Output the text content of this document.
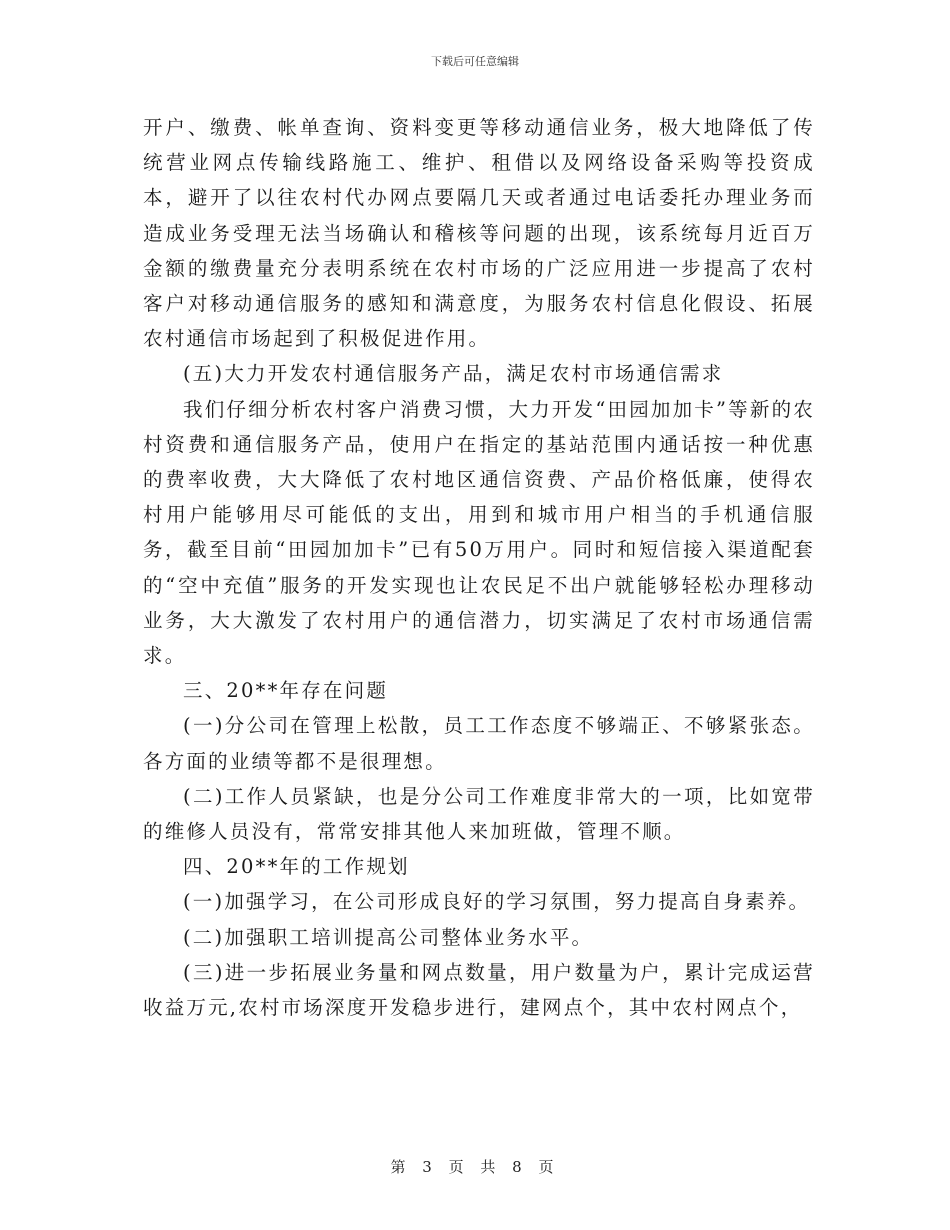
下载后可任意编辑

开户、缴费、帐单查询、资料变更等移动通信业务，极大地降低了传统营业网点传输线路施工、维护、租借以及网络设备采购等投资成本，避开了以往农村代办网点要隔几天或者通过电话委托办理业务而造成业务受理无法当场确认和稽核等问题的出现，该系统每月近百万金额的缴费量充分表明系统在农村市场的广泛应用进一步提高了农村客户对移动通信服务的感知和满意度，为服务农村信息化假设、拓展农村通信市场起到了积极促进作用。

(五)大力开发农村通信服务产品，满足农村市场通信需求

我们仔细分析农村客户消费习惯，大力开发“田园加加卡”等新的农村资费和通信服务产品，使用户在指定的基站范围内通话按一种优惠的费率收费，大大降低了农村地区通信资费、产品价格低廉，使得农村用户能够用尽可能低的支出，用到和城市用户相当的手机通信服务，截至目前“田园加加卡”已有50万用户。同时和短信接入渠道配套的“空中充值”服务的开发实现也让农民足不出户就能够轻松办理移动业务，大大激发了农村用户的通信潜力，切实满足了农村市场通信需求。

三、20**年存在问题

(一)分公司在管理上松散，员工工作态度不够端正、不够紧张态。各方面的业绩等都不是很理想。

(二)工作人员紧缺，也是分公司工作难度非常大的一项，比如宽带的维修人员没有，常常安排其他人来加班做，管理不顺。

四、20**年的工作规划

(一)加强学习，在公司形成良好的学习氛围，努力提高自身素养。

(二)加强职工培训提高公司整体业务水平。

(三)进一步拓展业务量和网点数量，用户数量为户，累计完成运营收益万元,农村市场深度开发稳步进行，建网点个，其中农村网点个，

第 3 页 共 8 页
